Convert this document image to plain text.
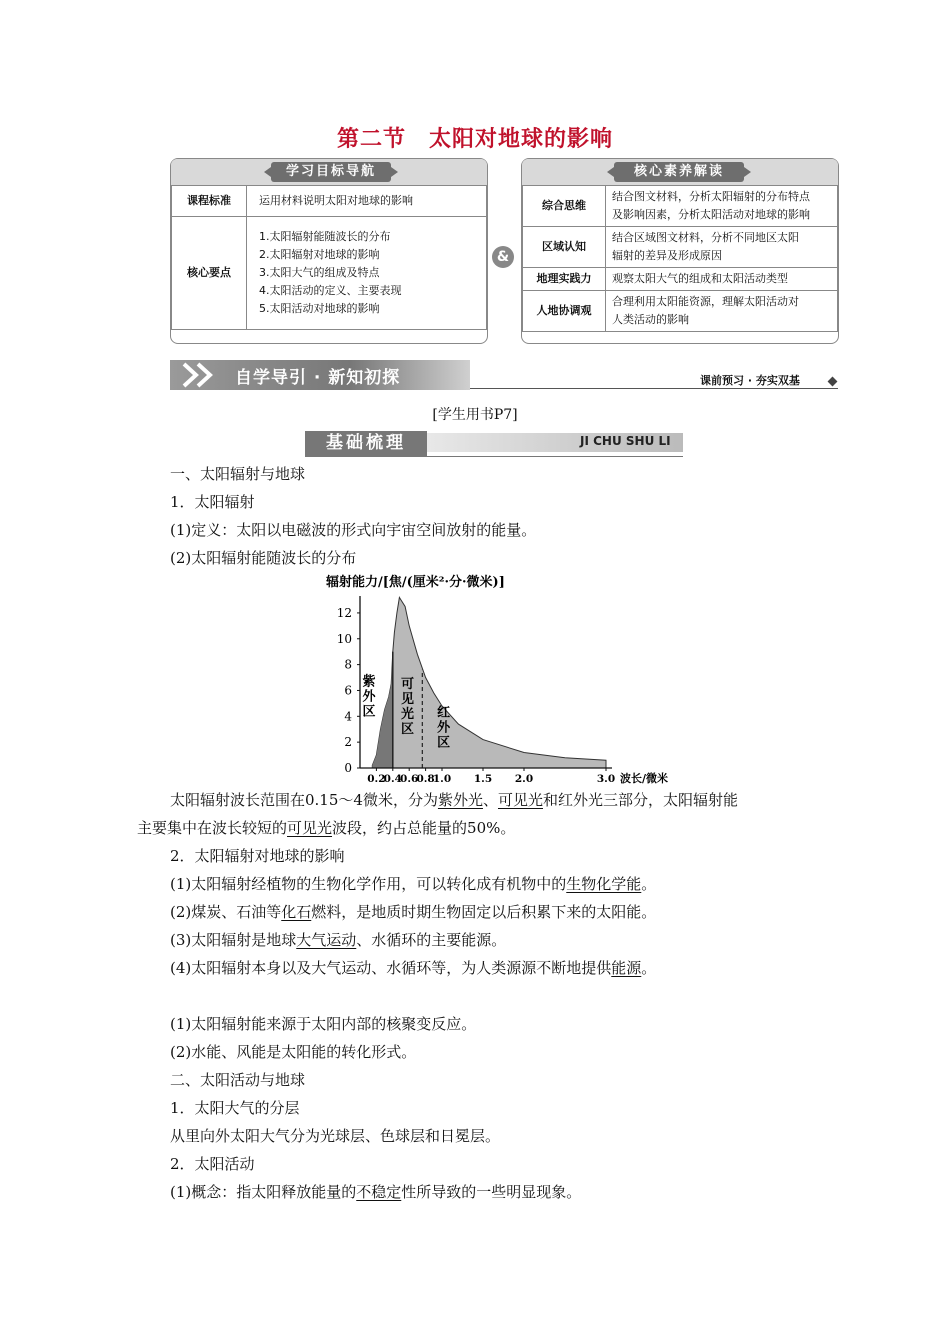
第二节　太阳对地球的影响
学习目标导航
课程标准	运用材料说明太阳对地球的影响

核心要点	1.太阳辐射能随波长的分布
2.太阳辐射对地球的影响
3.太阳大气的组成及特点
4.太阳活动的定义、主要表现
5.太阳活动对地球的影响
&
核心素养解读
综合思维	结合图文材料，分析太阳辐射的分布特点
及影响因素，分析太阳活动对地球的影响

区域认知	结合区域图文材料，分析不同地区太阳
辐射的差异及形成原因

地理实践力	观察太阳大气的组成和太阳活动类型

人地协调观	合理利用太阳能资源，理解太阳活动对
人类活动的影响
自学导引 · 新知初探	课前预习 · 夯实双基
[学生用书P7]
基础梳理	JI CHU SHU LI
一、太阳辐射与地球
1．太阳辐射
(1)定义：太阳以电磁波的形式向宇宙空间放射的能量。
(2)太阳辐射能随波长的分布
辐射能力/[焦/(厘米²·分·微米)]
0
2
4
6
8
10
12
0.2
0.4
0.6
0.8
1.0 1.5 2.0	3.0 波长/微米
紫外区
可见光区
红外区
太阳辐射波长范围在0.15～4微米，分为紫外光、可见光和红外光三部分，太阳辐射能
主要集中在波长较短的可见光波段，约占总能量的50%。
2．太阳辐射对地球的影响
(1)太阳辐射经植物的生物化学作用，可以转化成有机物中的生物化学能。
(2)煤炭、石油等化石燃料，是地质时期生物固定以后积累下来的太阳能。
(3)太阳辐射是地球大气运动、水循环的主要能源。
(4)太阳辐射本身以及大气运动、水循环等，为人类源源不断地提供能源。
(1)太阳辐射能来源于太阳内部的核聚变反应。
(2)水能、风能是太阳能的转化形式。
二、太阳活动与地球
1．太阳大气的分层
从里向外太阳大气分为光球层、色球层和日冕层。
2．太阳活动
(1)概念：指太阳释放能量的不稳定性所导致的一些明显现象。
